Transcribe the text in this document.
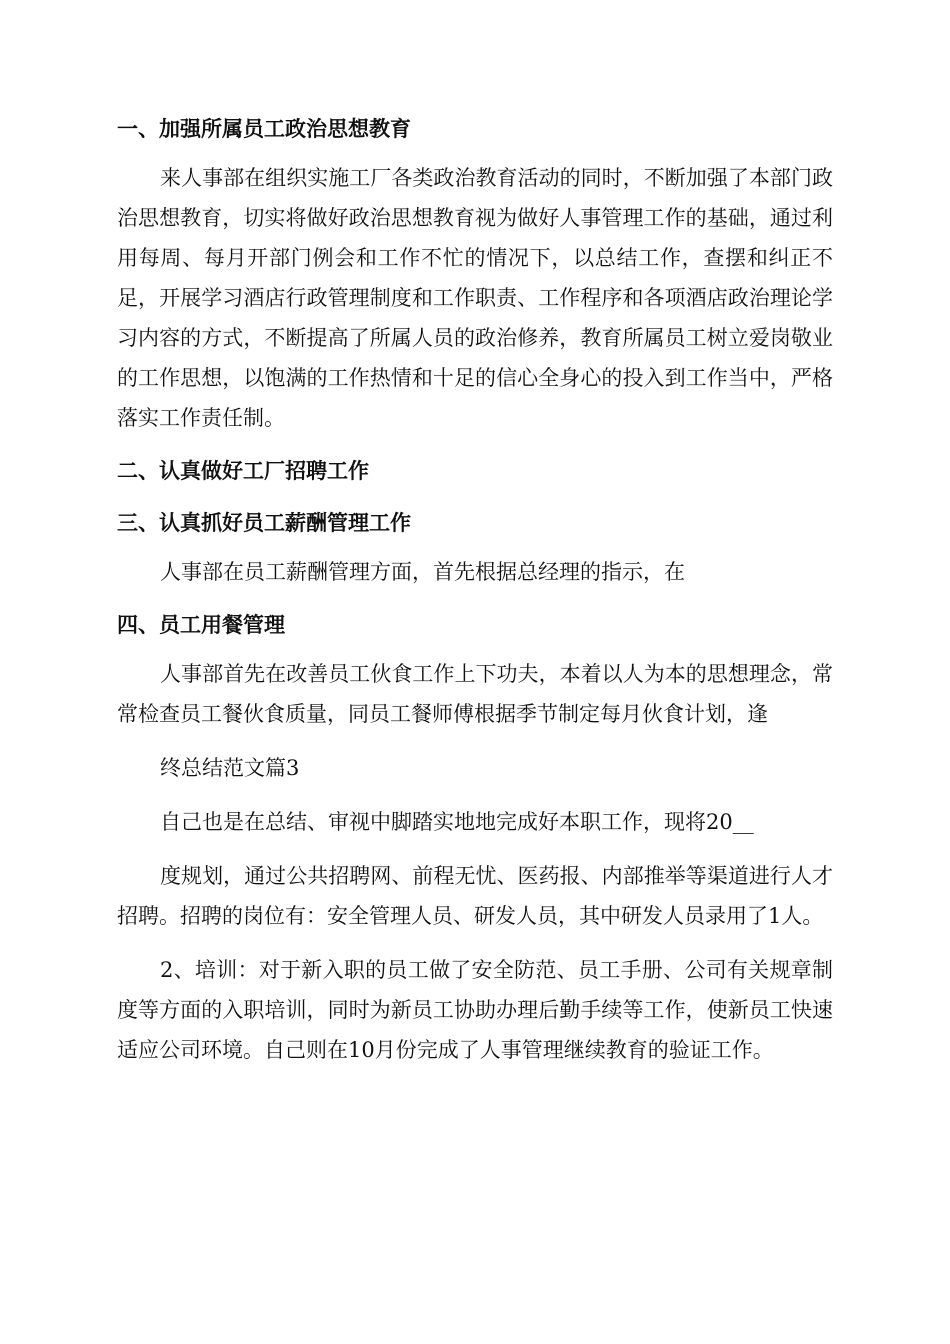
一、加强所属员工政治思想教育

来人事部在组织实施工厂各类政治教育活动的同时，不断加强了本部门政治思想教育，切实将做好政治思想教育视为做好人事管理工作的基础，通过利用每周、每月开部门例会和工作不忙的情况下，以总结工作，查摆和纠正不足，开展学习酒店行政管理制度和工作职责、工作程序和各项酒店政治理论学习内容的方式，不断提高了所属人员的政治修养，教育所属员工树立爱岗敬业的工作思想，以饱满的工作热情和十足的信心全身心的投入到工作当中，严格落实工作责任制。

二、认真做好工厂招聘工作
三、认真抓好员工薪酬管理工作

人事部在员工薪酬管理方面，首先根据总经理的指示，在

四、员工用餐管理

人事部首先在改善员工伙食工作上下功夫，本着以人为本的思想理念，常常检查员工餐伙食质量，同员工餐师傅根据季节制定每月伙食计划，逢

终总结范文篇3

自己也是在总结、审视中脚踏实地地完成好本职工作，现将20__

度规划，通过公共招聘网、前程无忧、医药报、内部推举等渠道进行人才招聘。招聘的岗位有：安全管理人员、研发人员，其中研发人员录用了1人。

2、培训：对于新入职的员工做了安全防范、员工手册、公司有关规章制度等方面的入职培训，同时为新员工协助办理后勤手续等工作，使新员工快速适应公司环境。自己则在10月份完成了人事管理继续教育的验证工作。
